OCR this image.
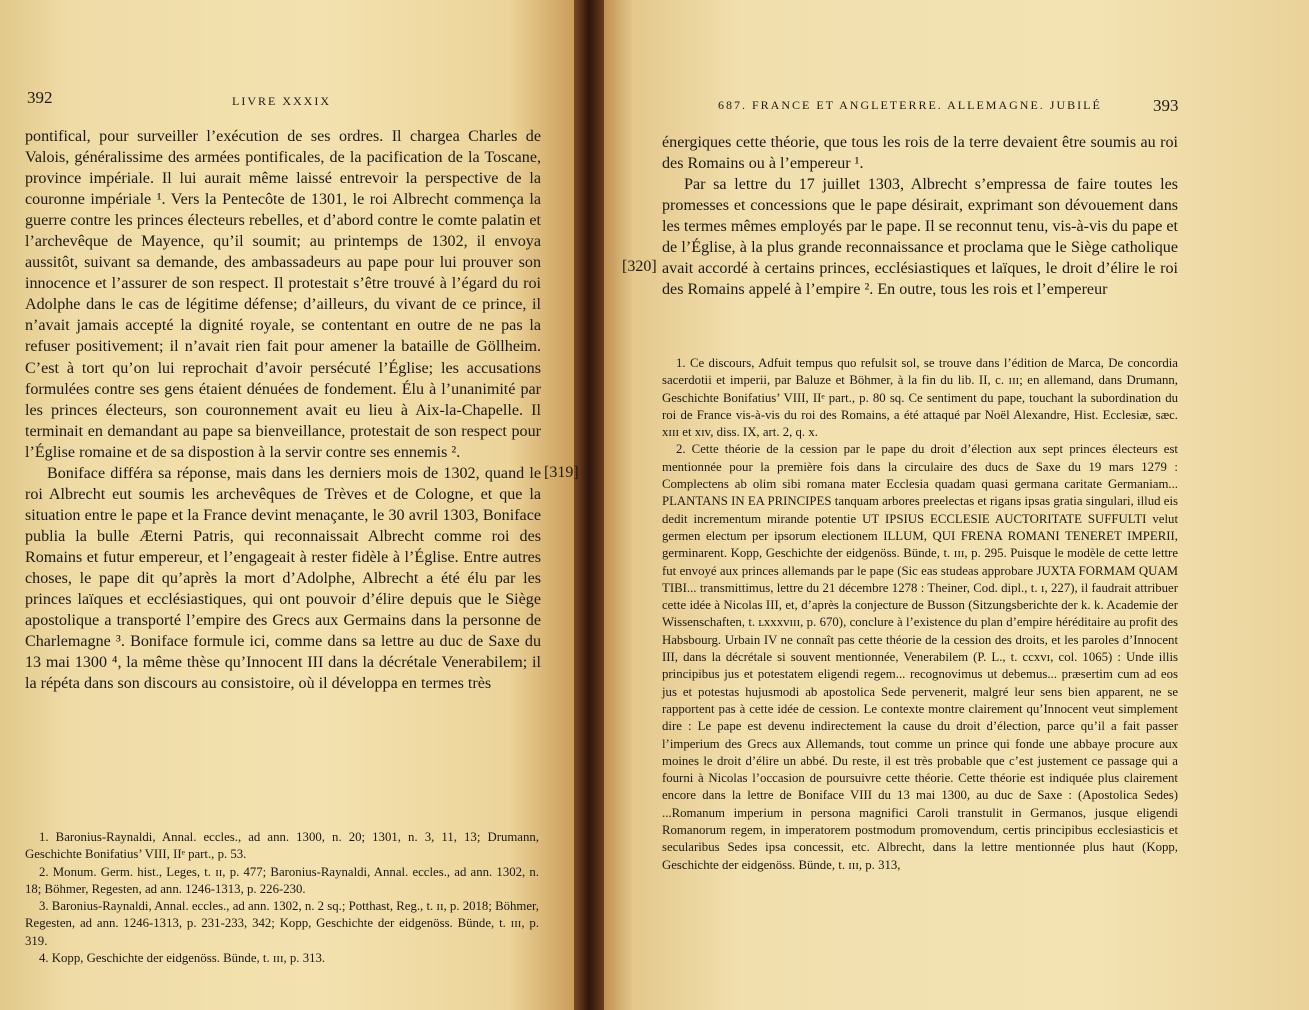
392	LIVRE XXXIX

pontifical, pour surveiller l’exécution de ses ordres. Il chargea Charles de Valois, généralissime des armées pontificales, de la pacification de la Toscane, province impériale. Il lui aurait même laissé entrevoir la perspective de la couronne impériale ¹. Vers la Pentecôte de 1301, le roi Albrecht commença la guerre contre les princes électeurs rebelles, et d’abord contre le comte palatin et l’archevêque de Mayence, qu’il soumit; au printemps de 1302, il envoya aussitôt, suivant sa demande, des ambassadeurs au pape pour lui prouver son innocence et l’assurer de son respect. Il protestait s’être trouvé à l’égard du roi Adolphe dans le cas de légitime défense; d’ailleurs, du vivant de ce prince, il n’avait jamais accepté la dignité royale, se contentant en outre de ne pas la refuser positivement; il n’avait rien fait pour amener la bataille de Göllheim. C’est à tort qu’on lui reprochait d’avoir persécuté l’Église; les accusations formulées contre ses gens étaient dénuées de fondement. Élu à l’unanimité par les princes électeurs, son couronnement avait eu lieu à Aix-la-Chapelle. Il terminait en demandant au pape sa bienveillance, protestait de son respect pour l’Église romaine et de sa dispostion à la servir contre ses ennemis ².

Boniface différa sa réponse, mais dans les derniers mois de 1302, quand le roi Albrecht eut soumis les archevêques de Trèves et de Cologne, et que la situation entre le pape et la France devint menaçante, le 30 avril 1303, Boniface publia la bulle Æterni Patris, qui reconnaissait Albrecht comme roi des Romains et futur empereur, et l’engageait à rester fidèle à l’Église. Entre autres choses, le pape dit qu’après la mort d’Adolphe, Albrecht a été élu par les princes laïques et ecclésiastiques, qui ont pouvoir d’élire depuis que le Siège apostolique a transporté l’empire des Grecs aux Germains dans la personne de Charlemagne ³. Boniface formule ici, comme dans sa lettre au duc de Saxe du 13 mai 1300 ⁴, la même thèse qu’Innocent III dans la décrétale Venerabilem; il la répéta dans son discours au consistoire, où il développa en termes très

1. Baronius-Raynaldi, Annal. eccles., ad ann. 1300, n. 20; 1301, n. 3, 11, 13; Drumann, Geschichte Bonifatius’ VIII, IIᵉ part., p. 53.

2. Monum. Germ. hist., Leges, t. ɪɪ, p. 477; Baronius-Raynaldi, Annal. eccles., ad ann. 1302, n. 18; Böhmer, Regesten, ad ann. 1246-1313, p. 226-230.

3. Baronius-Raynaldi, Annal. eccles., ad ann. 1302, n. 2 sq.; Potthast, Reg., t. ɪɪ, p. 2018; Böhmer, Regesten, ad ann. 1246-1313, p. 231-233, 342; Kopp, Geschichte der eidgenöss. Bünde, t. ɪɪɪ, p. 319.

4. Kopp, Geschichte der eidgenöss. Bünde, t. ɪɪɪ, p. 313.

687. FRANCE ET ANGLETERRE. ALLEMAGNE. JUBILÉ	393

énergiques cette théorie, que tous les rois de la terre devaient être soumis au roi des Romains ou à l’empereur ¹.

Par sa lettre du 17 juillet 1303, Albrecht s’empressa de faire toutes les promesses et concessions que le pape désirait, exprimant son dévouement dans les termes mêmes employés par le pape. Il se reconnut tenu, vis-à-vis du pape et de l’Église, à la plus grande reconnaissance et proclama que le Siège catholique avait accordé à certains princes, ecclésiastiques et laïques, le droit d’élire le roi des Romains appelé à l’empire ². En outre, tous les rois et l’empereur

1. Ce discours, Adfuit tempus quo refulsit sol, se trouve dans l’édition de Marca, De concordia sacerdotii et imperii, par Baluze et Böhmer, à la fin du lib. II, c. ɪɪɪ; en allemand, dans Drumann, Geschichte Bonifatius’ VIII, IIᵉ part., p. 80 sq. Ce sentiment du pape, touchant la subordination du roi de France vis-à-vis du roi des Romains, a été attaqué par Noël Alexandre, Hist. Ecclesiæ, sæc. xɪɪɪ et xɪv, diss. IX, art. 2, q. x.

2. Cette théorie de la cession par le pape du droit d’élection aux sept princes électeurs est mentionnée pour la première fois dans la circulaire des ducs de Saxe du 19 mars 1279 : Complectens ab olim sibi romana mater Ecclesia quadam quasi germana caritate Germaniam... PLANTANS IN EA PRINCIPES tanquam arbores preelectas et rigans ipsas gratia singulari, illud eis dedit incrementum mirande potentie UT IPSIUS ECCLESIE AUCTORITATE SUFFULTI velut germen electum per ipsorum electionem ILLUM, QUI FRENA ROMANI TENERET IMPERII, germinarent. Kopp, Geschichte der eidgenöss. Bünde, t. ɪɪɪ, p. 295. Puisque le modèle de cette lettre fut envoyé aux princes allemands par le pape (Sic eas studeas approbare JUXTA FORMAM QUAM TIBI... transmittimus, lettre du 21 décembre 1278 : Theiner, Cod. dipl., t. ɪ, 227), il faudrait attribuer cette idée à Nicolas III, et, d’après la conjecture de Busson (Sitzungsberichte der k. k. Academie der Wissenschaften, t. ʟxxxvɪɪɪ, p. 670), conclure à l’existence du plan d’empire héréditaire au profit des Habsbourg. Urbain IV ne connaît pas cette théorie de la cession des droits, et les paroles d’Innocent III, dans la décrétale si souvent mentionnée, Venerabilem (P. L., t. ccxvɪ, col. 1065) : Unde illis principibus jus et potestatem eligendi regem... recognovimus ut debemus... præsertim cum ad eos jus et potestas hujusmodi ab apostolica Sede pervenerit, malgré leur sens bien apparent, ne se rapportent pas à cette idée de cession. Le contexte montre clairement qu’Innocent veut simplement dire : Le pape est devenu indirectement la cause du droit d’élection, parce qu’il a fait passer l’imperium des Grecs aux Allemands, tout comme un prince qui fonde une abbaye procure aux moines le droit d’élire un abbé. Du reste, il est très probable que c’est justement ce passage qui a fourni à Nicolas l’occasion de poursuivre cette théorie. Cette théorie est indiquée plus clairement encore dans la lettre de Boniface VIII du 13 mai 1300, au duc de Saxe : (Apostolica Sedes) ...Romanum imperium in persona magnifici Caroli transtulit in Germanos, jusque eligendi Romanorum regem, in imperatorem postmodum promovendum, certis principibus ecclesiasticis et secularibus Sedes ipsa concessit, etc. Albrecht, dans la lettre mentionnée plus haut (Kopp, Geschichte der eidgenöss. Bünde, t. ɪɪɪ, p. 313,

[319]
[320]
